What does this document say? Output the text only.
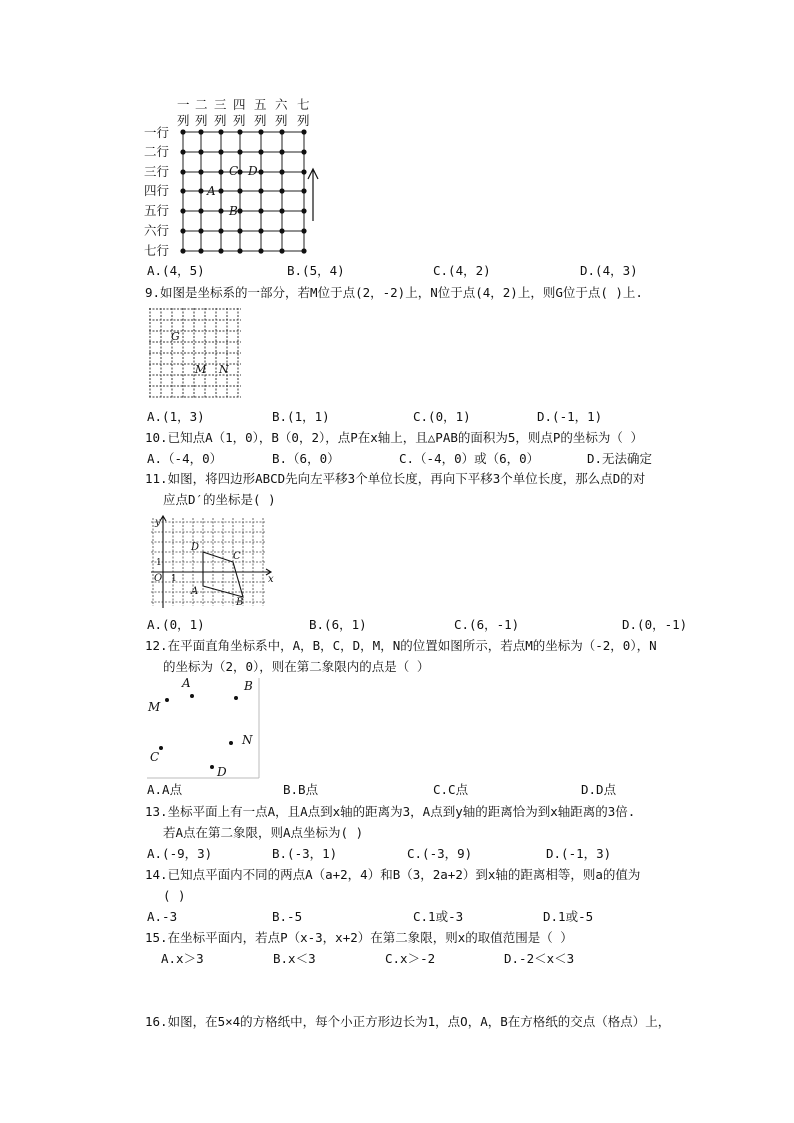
一 二 三 四 五 六 七
列 列 列 列 列 列 列
一行
二行
三行
四行
五行
六行
七行
C D
A
B
A.(4，5)	B.(5，4)	C.(4，2)	D.(4，3)
9.如图是坐标系的一部分，若M位于点(2，-2)上，N位于点(4，2)上，则G位于点( )上.
G
M N
A.(1，3)	B.(1，1)	C.(0，1)	D.(-1，1)
10.已知点A（1，0），B（0，2），点P在x轴上，且△PAB的面积为5，则点P的坐标为（ ）
A.（-4，0）	B.（6，0）	C.（-4，0）或（6，0）	D.无法确定
11.如图，将四边形ABCD先向左平移3个单位长度，再向下平移3个单位长度，那么点D的对
应点D′的坐标是( )
y
x
O 1
1
D
C
A
B
A.(0，1)	B.(6，1)	C.(6，-1)	D.(0，-1)
12.在平面直角坐标系中，A，B，C，D，M，N的位置如图所示，若点M的坐标为（-2，0），N
的坐标为（2，0），则在第二象限内的点是（ ）
A	B
M
N
C
D
A.A点	B.B点	C.C点	D.D点
13.坐标平面上有一点A，且A点到x轴的距离为3，A点到y轴的距离恰为到x轴距离的3倍.
若A点在第二象限，则A点坐标为( )
A.(-9，3)	B.(-3，1)	C.(-3，9)	D.(-1，3)
14.已知点平面内不同的两点A（a+2，4）和B（3，2a+2）到x轴的距离相等，则a的值为
( )
A.-3	B.-5	C.1或-3	D.1或-5
15.在坐标平面内，若点P（x-3，x+2）在第二象限，则x的取值范围是（ ）
A.x＞3	B.x＜3	C.x＞-2	D.-2＜x＜3
16.如图，在5×4的方格纸中，每个小正方形边长为1，点O，A，B在方格纸的交点（格点）上，
